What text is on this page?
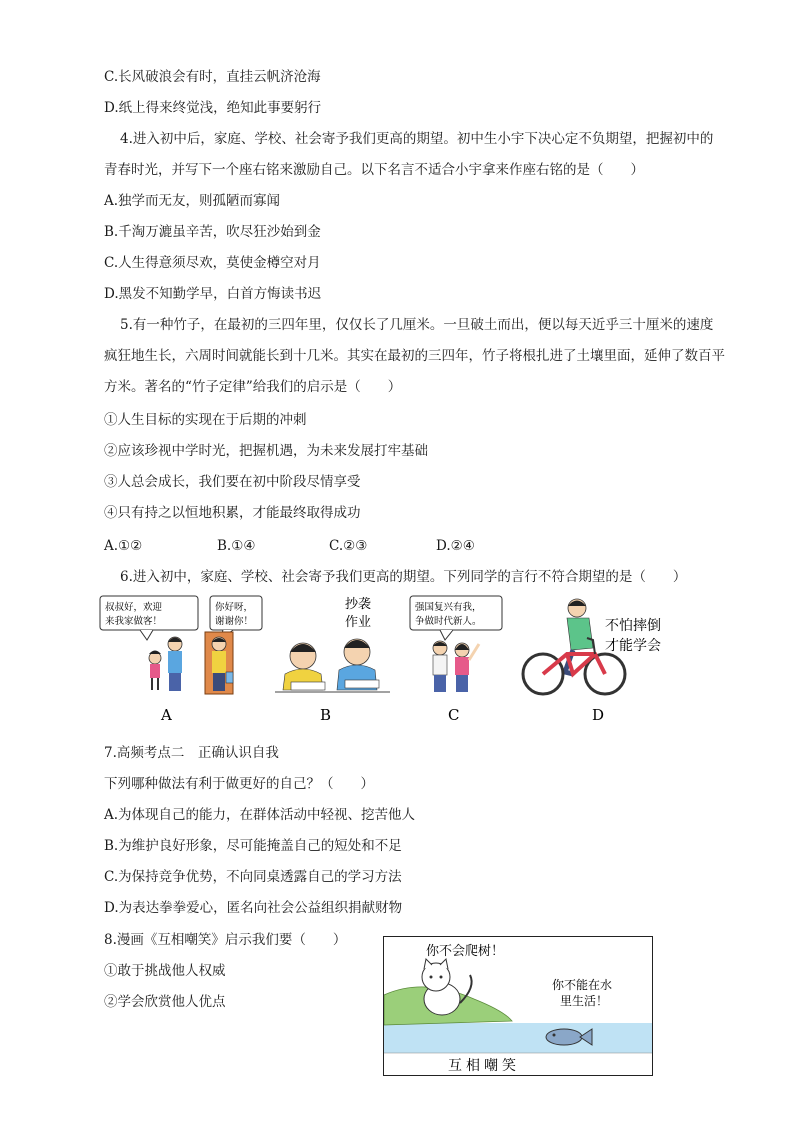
C.长风破浪会有时，直挂云帆济沧海
D.纸上得来终觉浅，绝知此事要躬行
4.进入初中后，家庭、学校、社会寄予我们更高的期望。初中生小宇下决心定不负期望，把握初中的
青春时光，并写下一个座右铭来激励自己。以下名言不适合小宇拿来作座右铭的是（　　）
A.独学而无友，则孤陋而寡闻
B.千淘万漉虽辛苦，吹尽狂沙始到金
C.人生得意须尽欢，莫使金樽空对月
D.黑发不知勤学早，白首方悔读书迟
5.有一种竹子，在最初的三四年里，仅仅长了几厘米。一旦破土而出，便以每天近乎三十厘米的速度
疯狂地生长，六周时间就能长到十几米。其实在最初的三四年，竹子将根扎进了土壤里面，延伸了数百平
方米。著名的“竹子定律”给我们的启示是（　　）
①人生目标的实现在于后期的冲刺
②应该珍视中学时光，把握机遇，为未来发展打牢基础
③人总会成长，我们要在初中阶段尽情享受
④只有持之以恒地积累，才能最终取得成功
A.①②	B.①④	C.②③	D.②④
6.进入初中，家庭、学校、社会寄予我们更高的期望。下列同学的言行不符合期望的是（　　）
叔叔好，欢迎
来我家做客！
你好呀，
谢谢你！
抄袭
作业
强国复兴有我，
争做时代新人。	不怕摔倒
才能学会
A	B	C	D
7.高频考点二　正确认识自我
下列哪种做法有利于做更好的自己？（　　）
A.为体现自己的能力，在群体活动中轻视、挖苦他人
B.为维护良好形象，尽可能掩盖自己的短处和不足
C.为保持竞争优势，不向同桌透露自己的学习方法
D.为表达拳拳爱心，匿名向社会公益组织捐献财物
8.漫画《互相嘲笑》启示我们要（　　）
①敢于挑战他人权威
②学会欣赏他人优点
你不会爬树！
你不能在水
里生活！
互相嘲笑
